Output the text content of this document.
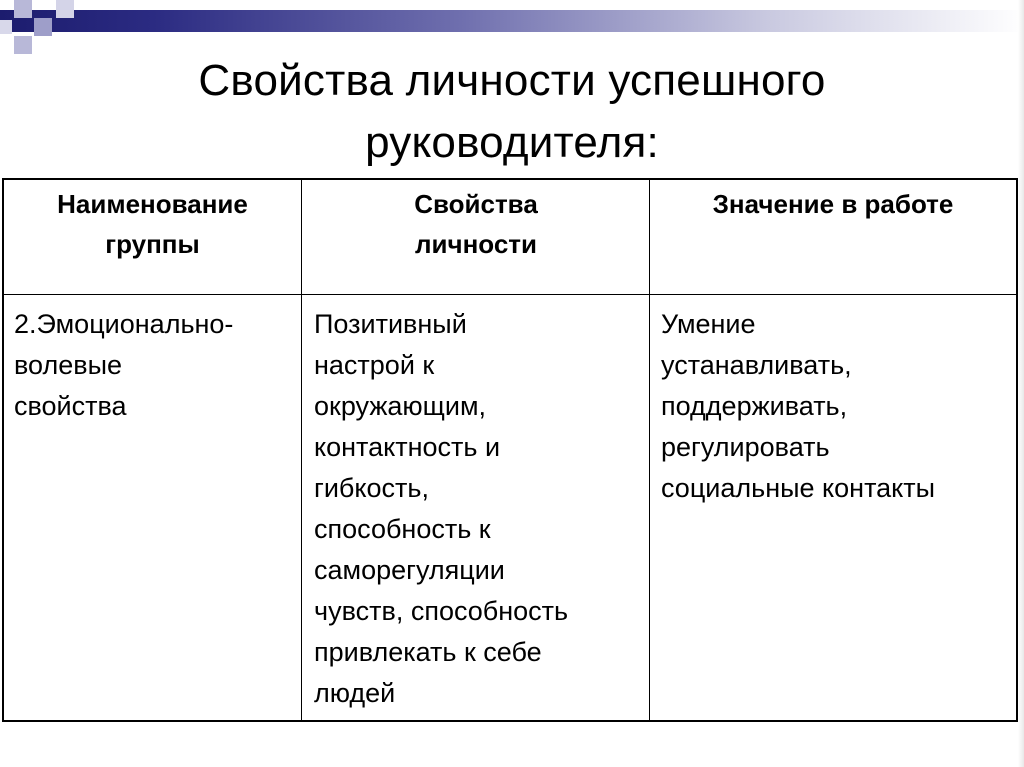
Свойства личности успешного
руководителя:
Наименование
группы
Свойства
личности
Значение в работе
2.Эмоционально-
волевые
свойства
Позитивный
настрой к
окружающим,
контактность и
гибкость,
способность к
саморегуляции
чувств, способность
привлекать к себе
людей
Умение
устанавливать,
поддерживать,
регулировать
социальные контакты
